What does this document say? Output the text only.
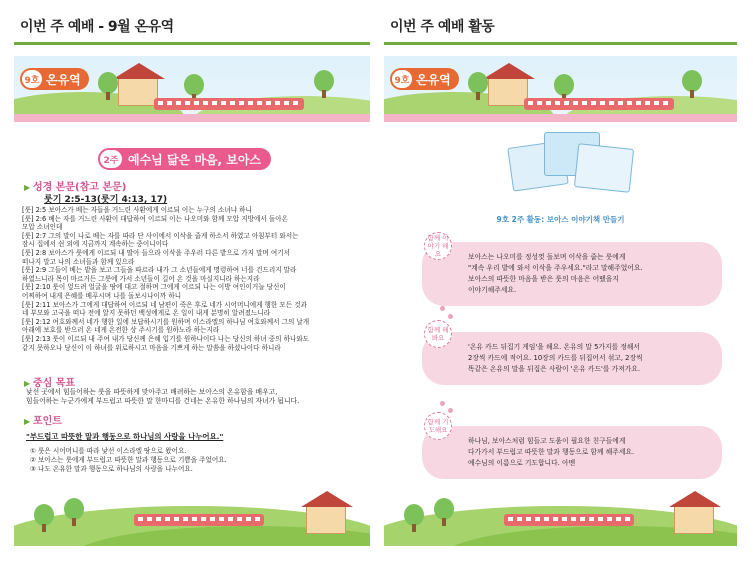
이번 주 예배 - 9월 온유역	이번 주 예배 활동
9호 온유역
2주 예수님 닮은 마음, 보아스
▶ 성경 본문(참고 본문)
룻기 2:5-13(룻기 4:13, 17)
[룻] 2:5 보아스가 베는 자들을 거느린 사환에게 이르되 이는 누구의 소녀냐 하니
[룻] 2:6 베는 자를 거느린 사환이 대답하여 이르되 이는 나오미와 함께 모압 지방에서 돌아온
모압 소녀인데
[룻] 2:7 그의 말이 나로 베는 자를 따라 단 사이에서 이삭을 줍게 하소서 하였고 아침부터 와서는
잠시 집에서 쉰 외에 지금까지 계속하는 중이니이다
[룻] 2:8 보아스가 룻에게 이르되 내 딸아 들으라 이삭을 주우러 다른 밭으로 가지 말며 여기서
떠나지 말고 나의 소녀들과 함께 있으라
[룻] 2:9 그들이 베는 밭을 보고 그들을 따르라 내가 그 소년들에게 명령하여 너를 건드리지 말라
하였느니라 목이 마르거든 그릇에 가서 소년들이 길어 온 것을 마실지니라 하는지라
[룻] 2:10 룻이 엎드려 얼굴을 땅에 대고 절하며 그에게 이르되 나는 이방 여인이거늘 당신이
어찌하여 내게 은혜를 베푸시며 나를 돌보시나이까 하니
[룻] 2:11 보아스가 그에게 대답하여 이르되 네 남편이 죽은 후로 네가 시어머니에게 행한 모든 것과
네 부모와 고국을 떠나 전에 알지 못하던 백성에게로 온 일이 내게 분명히 알려졌느니라
[룻] 2:12 여호와께서 네가 행한 일에 보답하시기를 원하며 이스라엘의 하나님 여호와께서 그의 날개
아래에 보호를 받으러 온 네게 온전한 상 주시기를 원하노라 하는지라
[룻] 2:13 룻이 이르되 내 주여 내가 당신께 은혜 입기를 원하나이다 나는 당신의 하녀 중의 하나와도
같지 못하오나 당신이 이 하녀를 위로하시고 마음을 기쁘게 하는 말씀을 하셨나이다 하니라
▶ 중심 목표
낯선 곳에서 힘들어하는 룻을 따뜻하게 맞아주고 배려하는 보아스의 온유함을 배우고,
힘들어하는 누군가에게 부드럽고 따뜻한 말 한마디를 건네는 온유한 하나님의 자녀가 됩니다.
▶ 포인트
"부드럽고 따뜻한 말과 행동으로 하나님의 사랑을 나누어요."
① 룻은 시어머니를 따라 낯선 이스라엘 땅으로 왔어요.
② 보아스는 룻에게 부드럽고 따뜻한 말과 행동으로 기쁨을 주었어요.
③ 나도 온유한 말과 행동으로 하나님의 사랑을 나누어요.
9호 온유역
9호 2주 활동: 보아스 이야기책 만들기
보아스는 나오미를 정성껏 돌보며 이삭을 줍는 룻에게
"계속 우리 밭에 와서 이삭을 주우세요."라고 말해주었어요.
보아스의 따뜻한 마음을 받은 룻의 마음은 어땠을지
이야기해주세요.
함께 이야기 해요
'온유 카드 뒤집기 게임'을 해요. 온유의 말 5가지를 정해서
2장씩 카드에 적어요. 10장의 카드를 뒤집어서 섞고, 2장씩
똑같은 온유의 말을 뒤집은 사람이 '온유 카드'를 가져가요.
함께 해봐요
하나님, 보아스처럼 힘들고 도움이 필요한 친구들에게
다가가서 부드럽고 따뜻한 말과 행동으로 함께 해주세요.
예수님의 이름으로 기도합니다. 아멘
함께 기도해요
